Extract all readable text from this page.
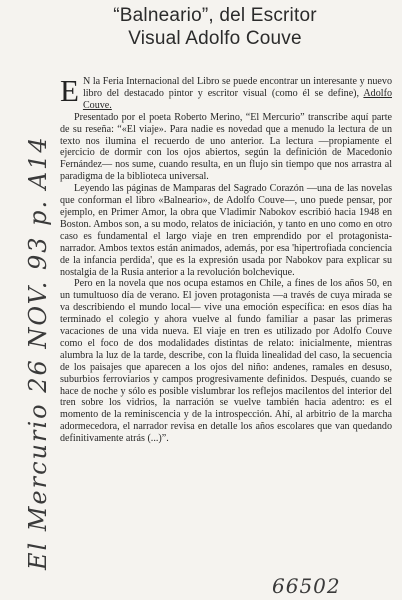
“Balneario”, del Escritor
Visual Adolfo Couve

E N la Feria Internacional del Libro se puede encontrar un interesante y nuevo libro del destacado pintor y escritor visual (como él se define), Adolfo Couve.

Presentado por el poeta Roberto Merino, “El Mercurio” transcribe aquí parte de su reseña: “«El viaje». Para nadie es novedad que a menudo la lectura de un texto nos ilumina el recuerdo de uno anterior. La lectura —propiamente el ejercicio de dormir con los ojos abiertos, según la definición de Macedonio Fernández— nos sume, cuando resulta, en un flujo sin tiempo que nos arrastra al paradigma de la biblioteca universal.

Leyendo las páginas de Mamparas del Sagrado Corazón —una de las novelas que conforman el libro «Balneario», de Adolfo Couve—, uno puede pensar, por ejemplo, en Primer Amor, la obra que Vladimir Nabokov escribió hacia 1948 en Boston. Ambos son, a su modo, relatos de iniciación, y tanto en uno como en otro caso es fundamental el largo viaje en tren emprendido por el protagonista-narrador. Ambos textos están animados, además, por esa 'hipertrofiada conciencia de la infancia perdida', que es la expresión usada por Nabokov para explicar su nostalgia de la Rusia anterior a la revolución bolchevique.

Pero en la novela que nos ocupa estamos en Chile, a fines de los años 50, en un tumultuoso día de verano. El joven protagonista —a través de cuya mirada se va describiendo el mundo local— vive una emoción específica: en esos días ha terminado el colegio y ahora vuelve al fundo familiar a pasar las primeras vacaciones de una vida nueva. El viaje en tren es utilizado por Adolfo Couve como el foco de dos modalidades distintas de relato: inicialmente, mientras alumbra la luz de la tarde, describe, con la fluida linealidad del caso, la secuencia de los paisajes que aparecen a los ojos del niño: andenes, ramales en desuso, suburbios ferroviarios y campos progresivamente definidos. Después, cuando se hace de noche y sólo es posible vislumbrar los reflejos macilentos del interior del tren sobre los vidrios, la narración se vuelve también hacia adentro: es el momento de la reminiscencia y de la introspección. Ahí, al arbitrio de la marcha adormecedora, el narrador revisa en detalle los años escolares que van quedando definitivamente atrás (...)”.

El Mercurio 26 NOV. 93 p. A14
66502
